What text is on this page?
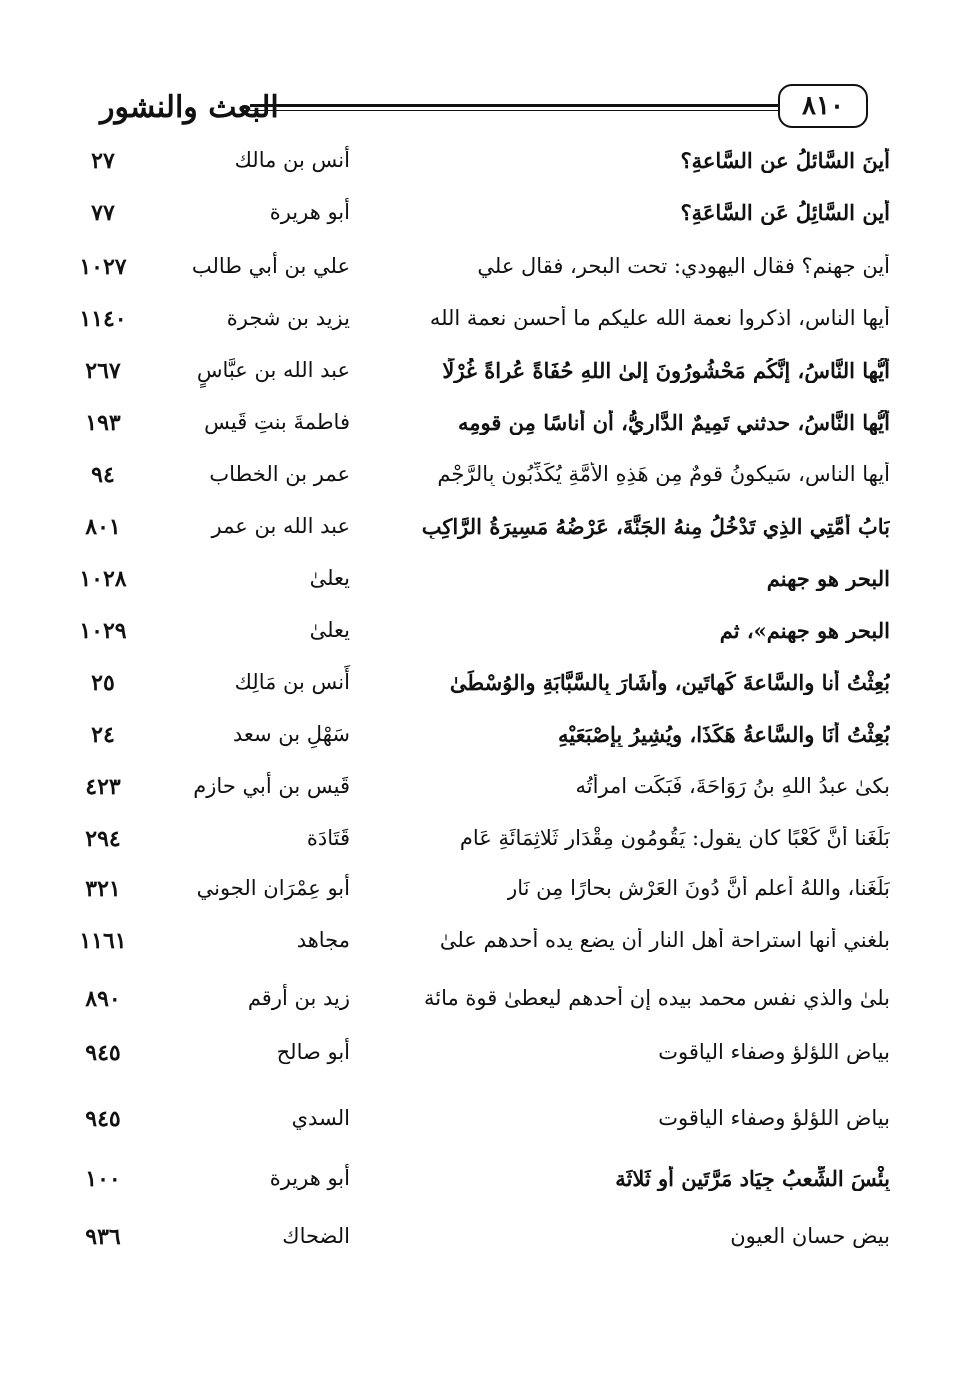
البعث والنشور	٨١٠
أينَ السَّائلُ عن السَّاعةِ؟
أنس بن مالك
٢٧
أين السَّائِلُ عَنِ السَّاعَةِ؟
أبو هريرة
٧٧
أين جهنم؟ فقال اليهودي: تحت البحر، فقال علي
علي بن أبي طالب
١٠٢٧
أيها الناس، اذكروا نعمة الله عليكم ما أحسن نعمة الله
يزيد بن شجرة
١١٤٠
أيُّها النَّاسُ، إنَّكُم مَحْشُورُونَ إلىٰ اللهِ حُفَاةً عُراةً غُرْلًا
عبد الله بن عبَّاسٍ
٢٦٧
أيُّها النَّاسُ، حدثني تَمِيمٌ الدَّاريُّ، أن أُناسًا مِن قومِه
فاطمةَ بنتِ قَيس
١٩٣
أيها الناس، سَيكونُ قومٌ مِن هَذِهِ الأُمَّةِ يُكَذِّبُون بِالرَّجْمِ
عمر بن الخطاب
٩٤
بَابُ أُمَّتِي الذِي تَدْخُلُ مِنهُ الجَنَّةَ، عَرْضُهُ مَسِيرَةُ الرَّاكِبِ
عبد الله بن عمر
٨٠١
البحر هو جهنم
يعلىٰ
١٠٢٨
البحر هو جهنم»، ثم
يعلىٰ
١٠٢٩
بُعِثْتُ أنا والسَّاعةَ كَهاتَين، وأَشَارَ بِالسَّبَّابَةِ والوُسْطَىٰ
أَنس بن مَالِك
٢٥
بُعِثْتُ أنَا والسَّاعةُ هَكَذَا، ويُشِيرُ بِإِصْبَعَيْهِ
سَهْلِ بن سعد
٢٤
بكىٰ عبدُ اللهِ بنُ رَوَاحَةَ، فَبَكَت امرأتُه
قَيس بن أبي حازم
٤٢٣
بَلَغَنا أنَّ كَعْبًا كان يقول: يَقُومُون مِقْدَار ثَلاثِمَائَةِ عَام
قَتَادَة
٢٩٤
بَلَغَنا، واللهُ أعلم أَنَّ دُونَ العَرْشِ بحارًا مِن نَارٍ
أبو عِمْرَان الجوني
٣٢١
بلغني أنها استراحة أهل النار أن يضع يده أحدهم علىٰ
مجاهد
١١٦١
بلىٰ والذي نفس محمد بيده إن أحدهم ليعطىٰ قوة مائة
زيد بن أرقم
٨٩٠
بياض اللؤلؤ وصفاء الياقوت
أبو صالح
٩٤٥
بياض اللؤلؤ وصفاء الياقوت
السدي
٩٤٥
بِئْسَ الشِّعبُ جِيَاد مَرَّتَين أو ثَلاثَة
أبو هريرة
١٠٠
بيض حسان العيون
الضحاك
٩٣٦
